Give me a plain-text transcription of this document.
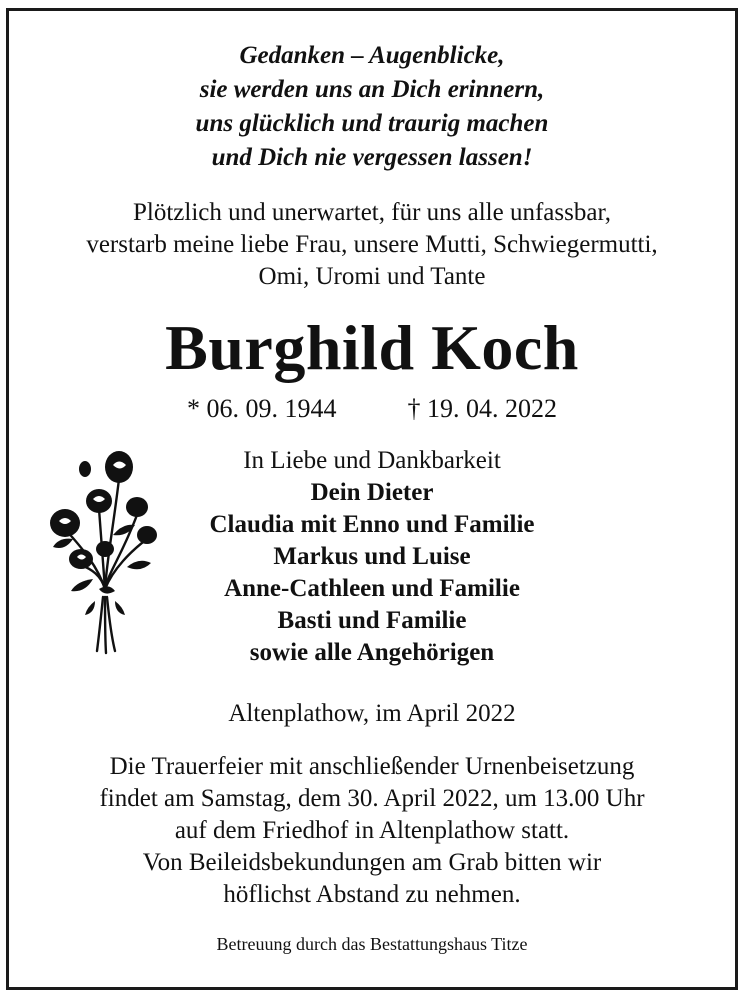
Gedanken – Augenblicke,
sie werden uns an Dich erinnern,
uns glücklich und traurig machen
und Dich nie vergessen lassen!
Plötzlich und unerwartet, für uns alle unfassbar,
verstarb meine liebe Frau, unsere Mutti, Schwiegermutti,
Omi, Uromi und Tante
Burghild Koch
* 06. 09. 1944	† 19. 04. 2022
In Liebe und Dankbarkeit
Dein Dieter
Claudia mit Enno und Familie
Markus und Luise
Anne-Cathleen und Familie
Basti und Familie
sowie alle Angehörigen
Altenplathow, im April 2022
Die Trauerfeier mit anschließender Urnenbeisetzung
findet am Samstag, dem 30. April 2022, um 13.00 Uhr
auf dem Friedhof in Altenplathow statt.
Von Beileidsbekundungen am Grab bitten wir
höflichst Abstand zu nehmen.
Betreuung durch das Bestattungshaus Titze
